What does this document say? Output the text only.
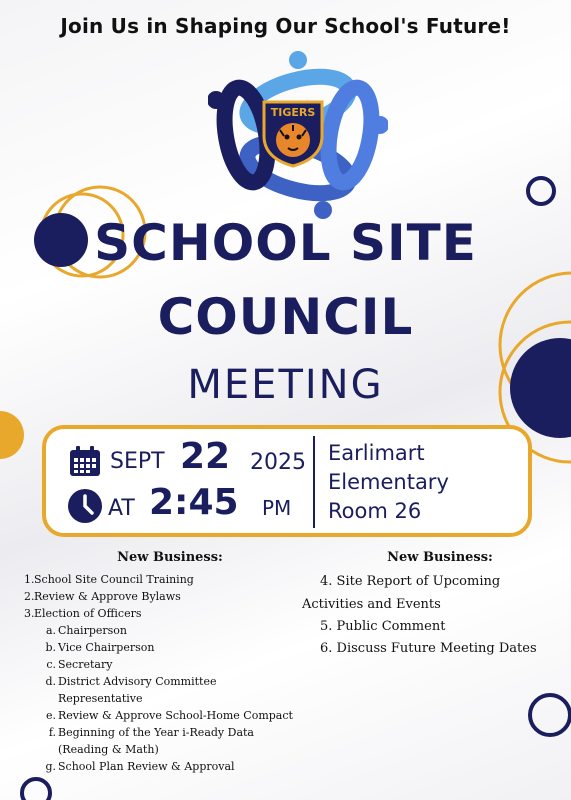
Join Us in Shaping Our School's Future!
TIGERS
SCHOOL SITE
COUNCIL
MEETING
SEPT 22 2025
AT 2:45 PM
Earlimart
Elementary
Room 26
New Business:
1.School Site Council Training
2.Review & Approve Bylaws
3.Election of Officers
a. Chairperson
b. Vice Chairperson
c. Secretary
d. District Advisory Committee
Representative
e. Review & Approve School-Home Compact
f. Beginning of the Year i-Ready Data
(Reading & Math)
g. School Plan Review & Approval
New Business:
4. Site Report of Upcoming
Activities and Events
5. Public Comment
6. Discuss Future Meeting Dates
